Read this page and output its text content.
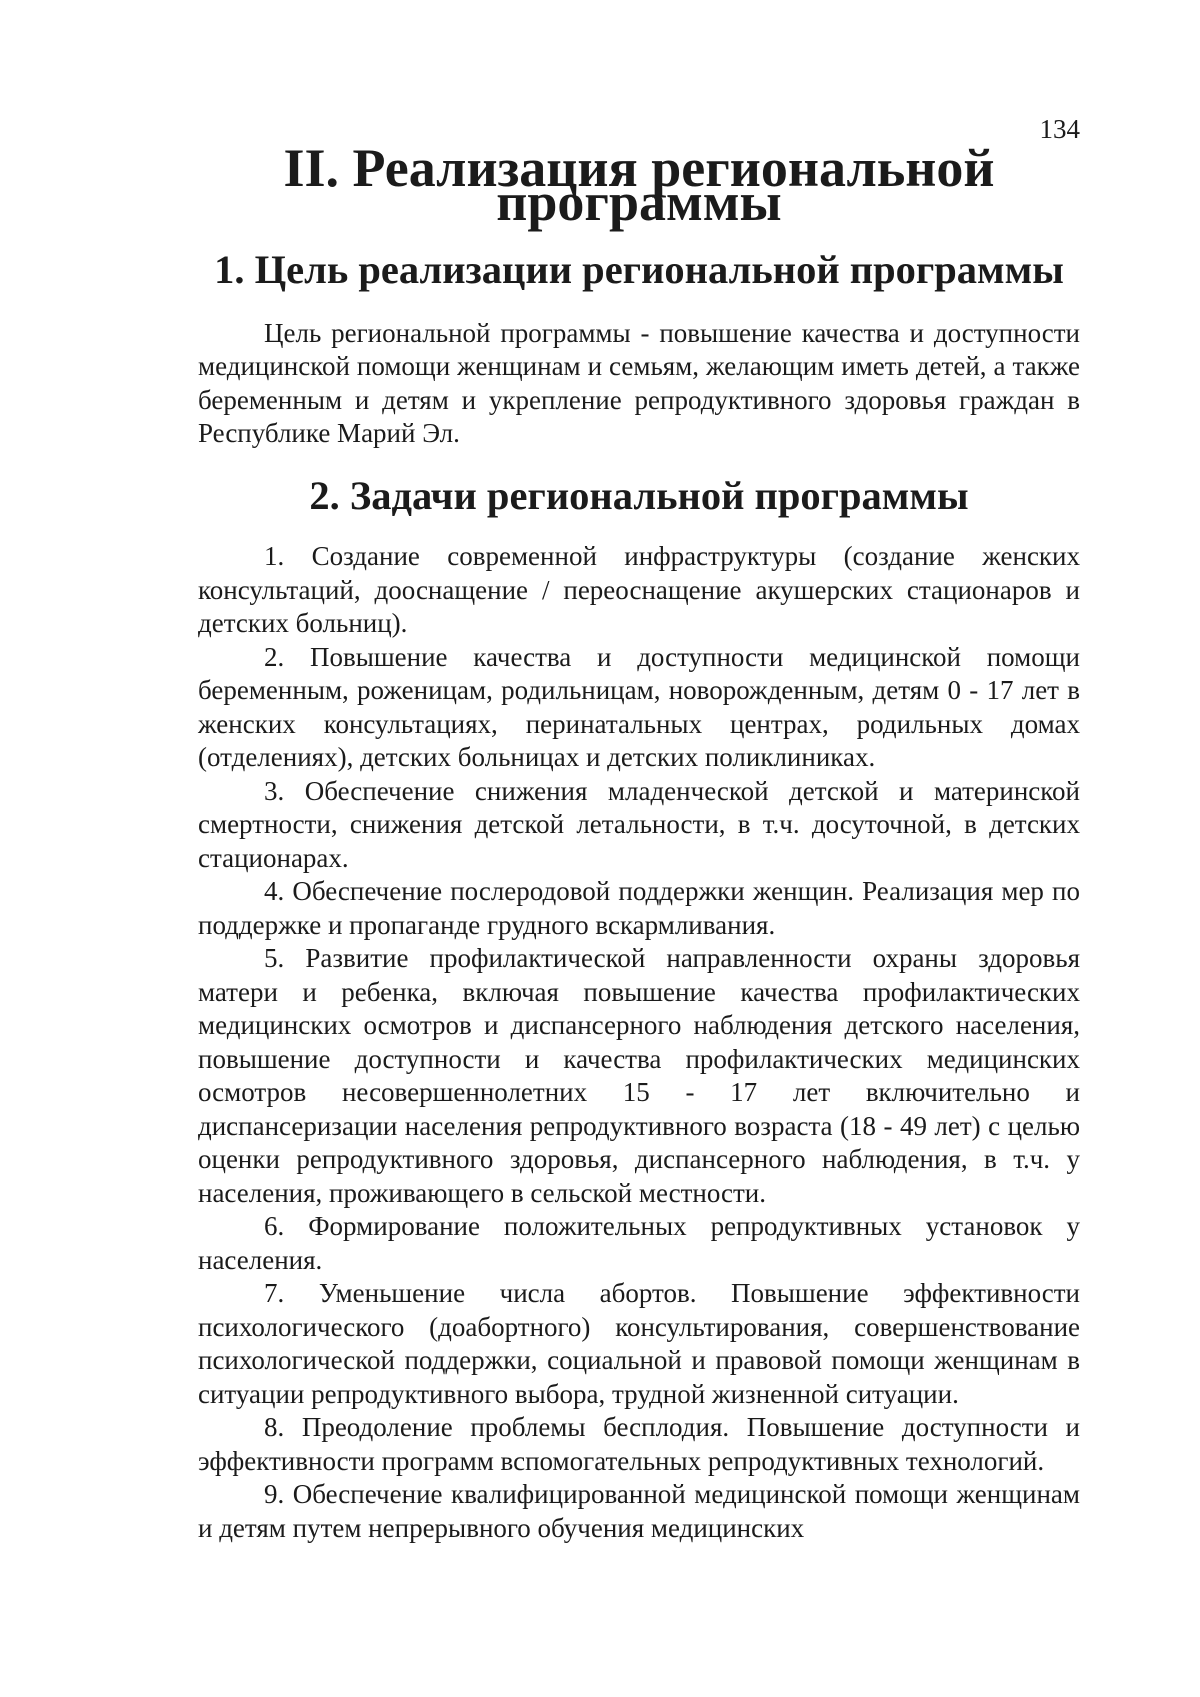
134
II. Реализация региональной программы
1. Цель реализации региональной программы

Цель региональной программы - повышение качества и доступности медицинской помощи женщинам и семьям, желающим иметь детей, а также беременным и детям и укрепление репродуктивного здоровья граждан в Республике Марий Эл.

2. Задачи региональной программы

1. Создание современной инфраструктуры (создание женских консультаций, дооснащение / переоснащение акушерских стационаров и детских больниц).

2. Повышение качества и доступности медицинской помощи беременным, роженицам, родильницам, новорожденным, детям 0 - 17 лет в женских консультациях, перинатальных центрах, родильных домах (отделениях), детских больницах и детских поликлиниках.

3. Обеспечение снижения младенческой детской и материнской смертности, снижения детской летальности, в т.ч. досуточной, в детских стационарах.

4. Обеспечение послеродовой поддержки женщин. Реализация мер по поддержке и пропаганде грудного вскармливания.

5. Развитие профилактической направленности охраны здоровья матери и ребенка, включая повышение качества профилактических медицинских осмотров и диспансерного наблюдения детского населения, повышение доступности и качества профилактических медицинских осмотров несовершеннолетних 15 - 17 лет включительно и диспансеризации населения репродуктивного возраста (18 - 49 лет) с целью оценки репродуктивного здоровья, диспансерного наблюдения, в т.ч. у населения, проживающего в сельской местности.

6. Формирование положительных репродуктивных установок у населения.

7. Уменьшение числа абортов. Повышение эффективности психологического (доабортного) консультирования, совершенствование психологической поддержки, социальной и правовой помощи женщинам в ситуации репродуктивного выбора, трудной жизненной ситуации.

8. Преодоление проблемы бесплодия. Повышение доступности и эффективности программ вспомогательных репродуктивных технологий.

9. Обеспечение квалифицированной медицинской помощи женщинам и детям путем непрерывного обучения медицинских
